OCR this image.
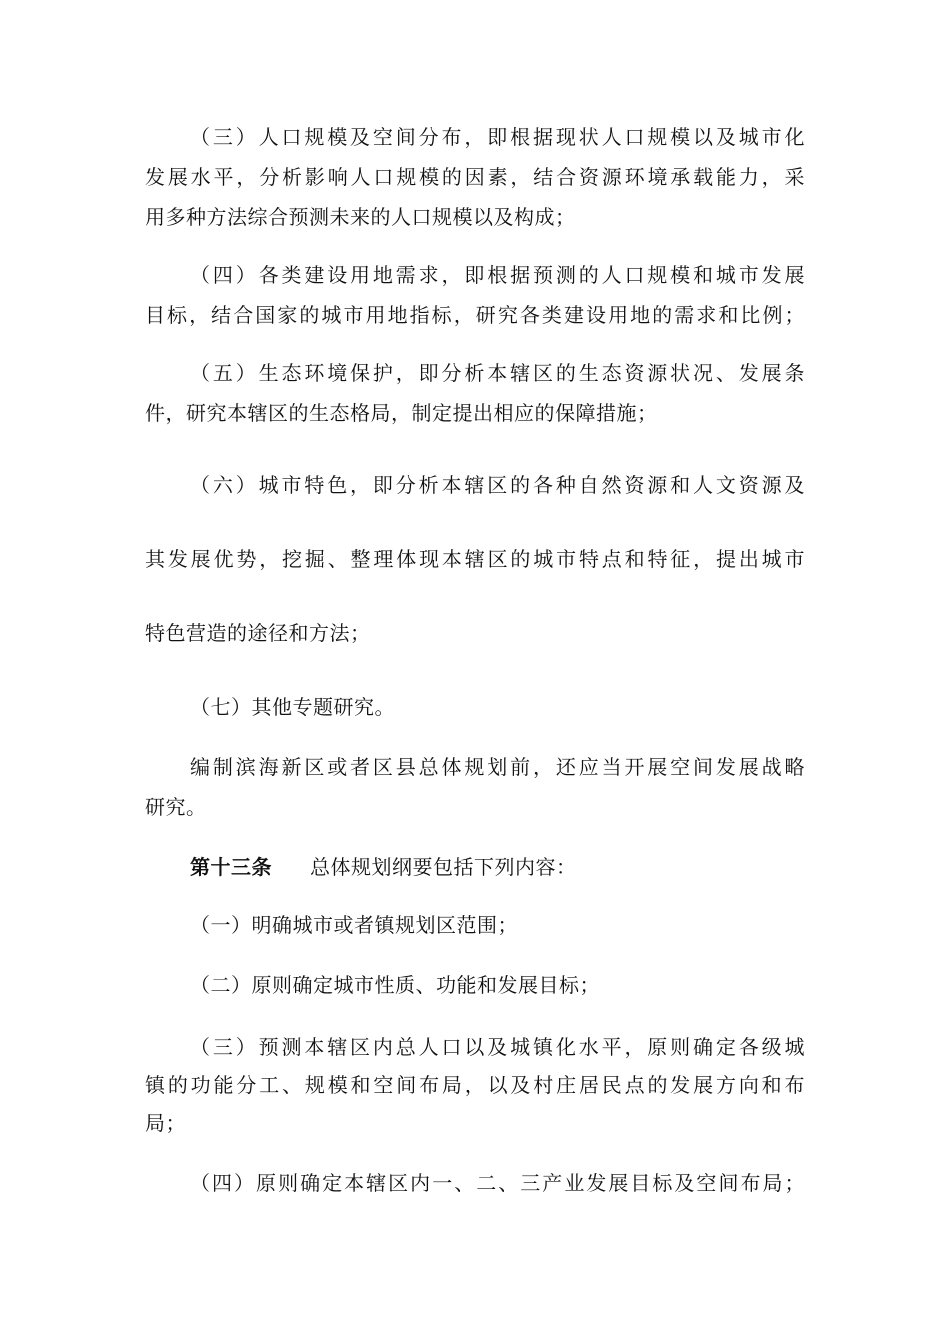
（三）人口规模及空间分布，即根据现状人口规模以及城市化
发展水平，分析影响人口规模的因素，结合资源环境承载能力，采
用多种方法综合预测未来的人口规模以及构成；
（四）各类建设用地需求，即根据预测的人口规模和城市发展
目标，结合国家的城市用地指标，研究各类建设用地的需求和比例；
（五）生态环境保护，即分析本辖区的生态资源状况、发展条
件，研究本辖区的生态格局，制定提出相应的保障措施；
（六）城市特色，即分析本辖区的各种自然资源和人文资源及
其发展优势，挖掘、整理体现本辖区的城市特点和特征，提出城市
特色营造的途径和方法；
（七）其他专题研究。
编制滨海新区或者区县总体规划前，还应当开展空间发展战略
研究。
第十三条 总体规划纲要包括下列内容：
（一）明确城市或者镇规划区范围；
（二）原则确定城市性质、功能和发展目标；
（三）预测本辖区内总人口以及城镇化水平，原则确定各级城
镇的功能分工、规模和空间布局，以及村庄居民点的发展方向和布
局；
（四）原则确定本辖区内一、二、三产业发展目标及空间布局；
